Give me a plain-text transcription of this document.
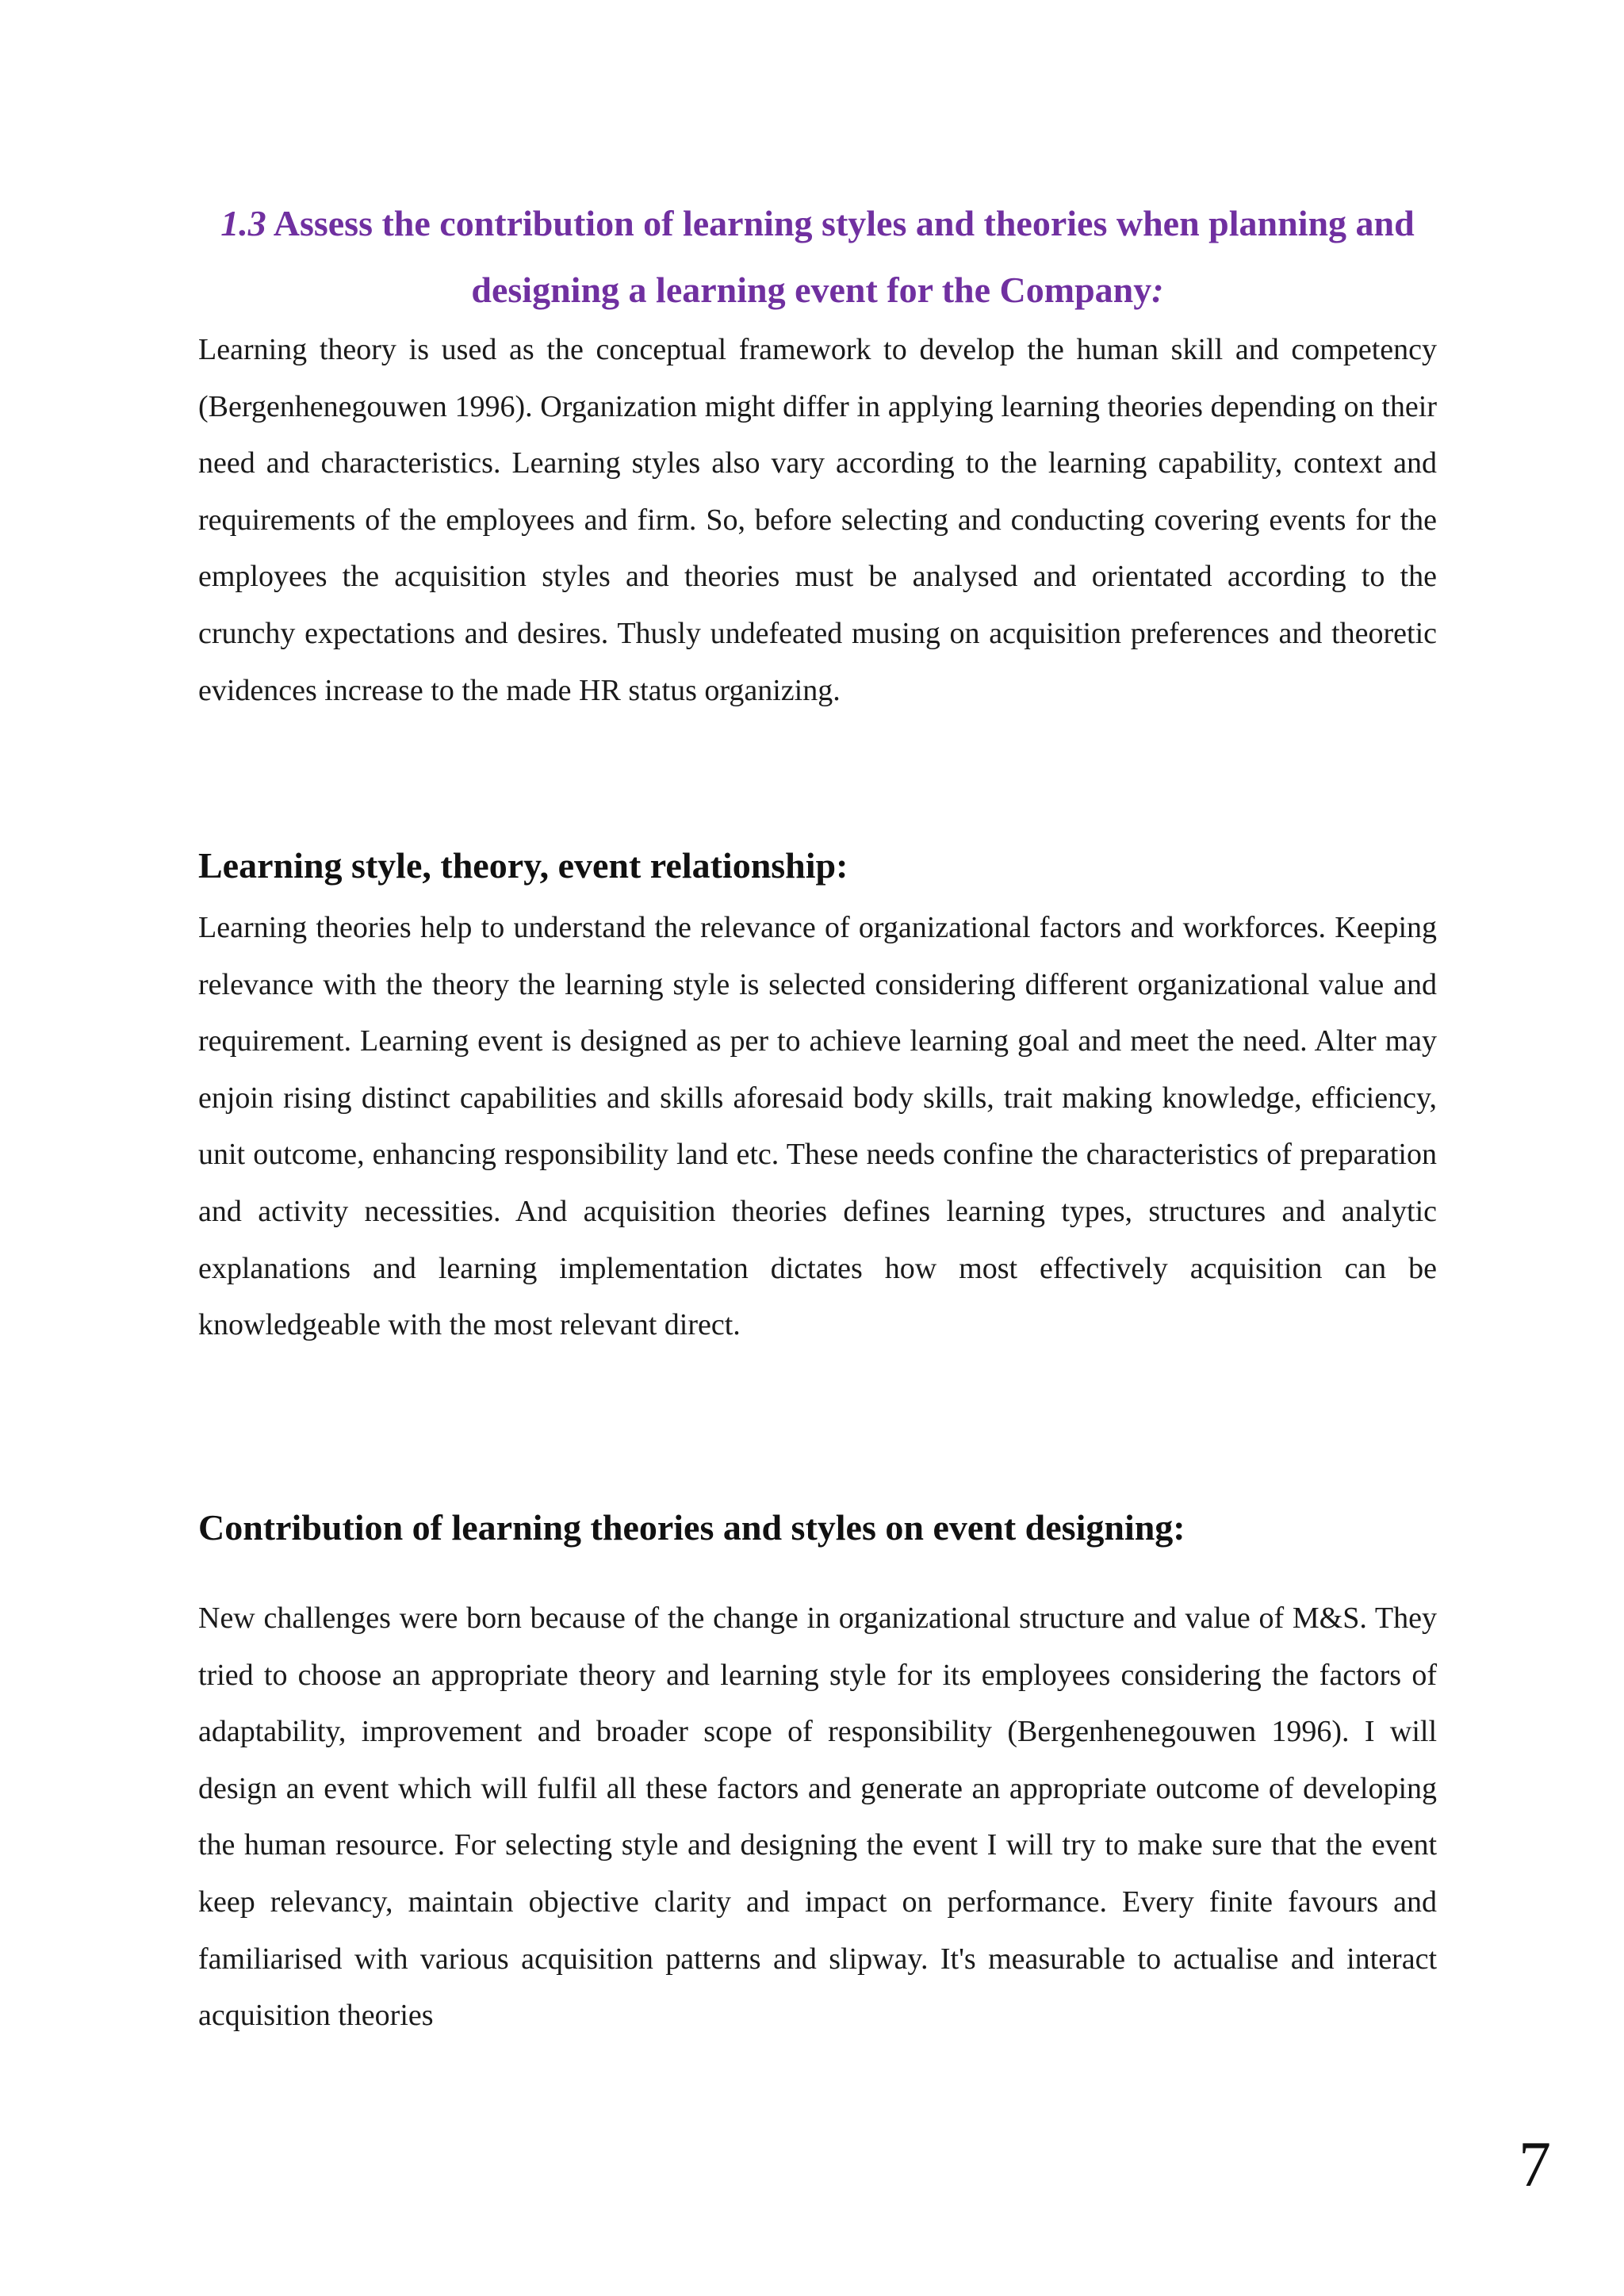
1.3 Assess the contribution of learning styles and theories when planning and designing a learning event for the Company:

Learning theory is used as the conceptual framework to develop the human skill and competency (Bergenhenegouwen 1996). Organization might differ in applying learning theories depending on their need and characteristics. Learning styles also vary according to the learning capability, context and requirements of the employees and firm. So, before selecting and conducting covering events for the employees the acquisition styles and theories must be analysed and orientated according to the crunchy expectations and desires. Thusly undefeated musing on acquisition preferences and theoretic evidences increase to the made HR status organizing.

Learning style, theory, event relationship:

Learning theories help to understand the relevance of organizational factors and workforces. Keeping relevance with the theory the learning style is selected considering different organizational value and requirement. Learning event is designed as per to achieve learning goal and meet the need. Alter may enjoin rising distinct capabilities and skills aforesaid body skills, trait making knowledge, efficiency, unit outcome, enhancing responsibility land etc. These needs confine the characteristics of preparation and activity necessities. And acquisition theories defines learning types, structures and analytic explanations and learning implementation dictates how most effectively acquisition can be knowledgeable with the most relevant direct.

Contribution of learning theories and styles on event designing:

New challenges were born because of the change in organizational structure and value of M&S. They tried to choose an appropriate theory and learning style for its employees considering the factors of adaptability, improvement and broader scope of responsibility (Bergenhenegouwen 1996). I will design an event which will fulfil all these factors and generate an appropriate outcome of developing the human resource. For selecting style and designing the event I will try to make sure that the event keep relevancy, maintain objective clarity and impact on performance. Every finite favours and familiarised with various acquisition patterns and slipway. It's measurable to actualise and interact acquisition theories

7
